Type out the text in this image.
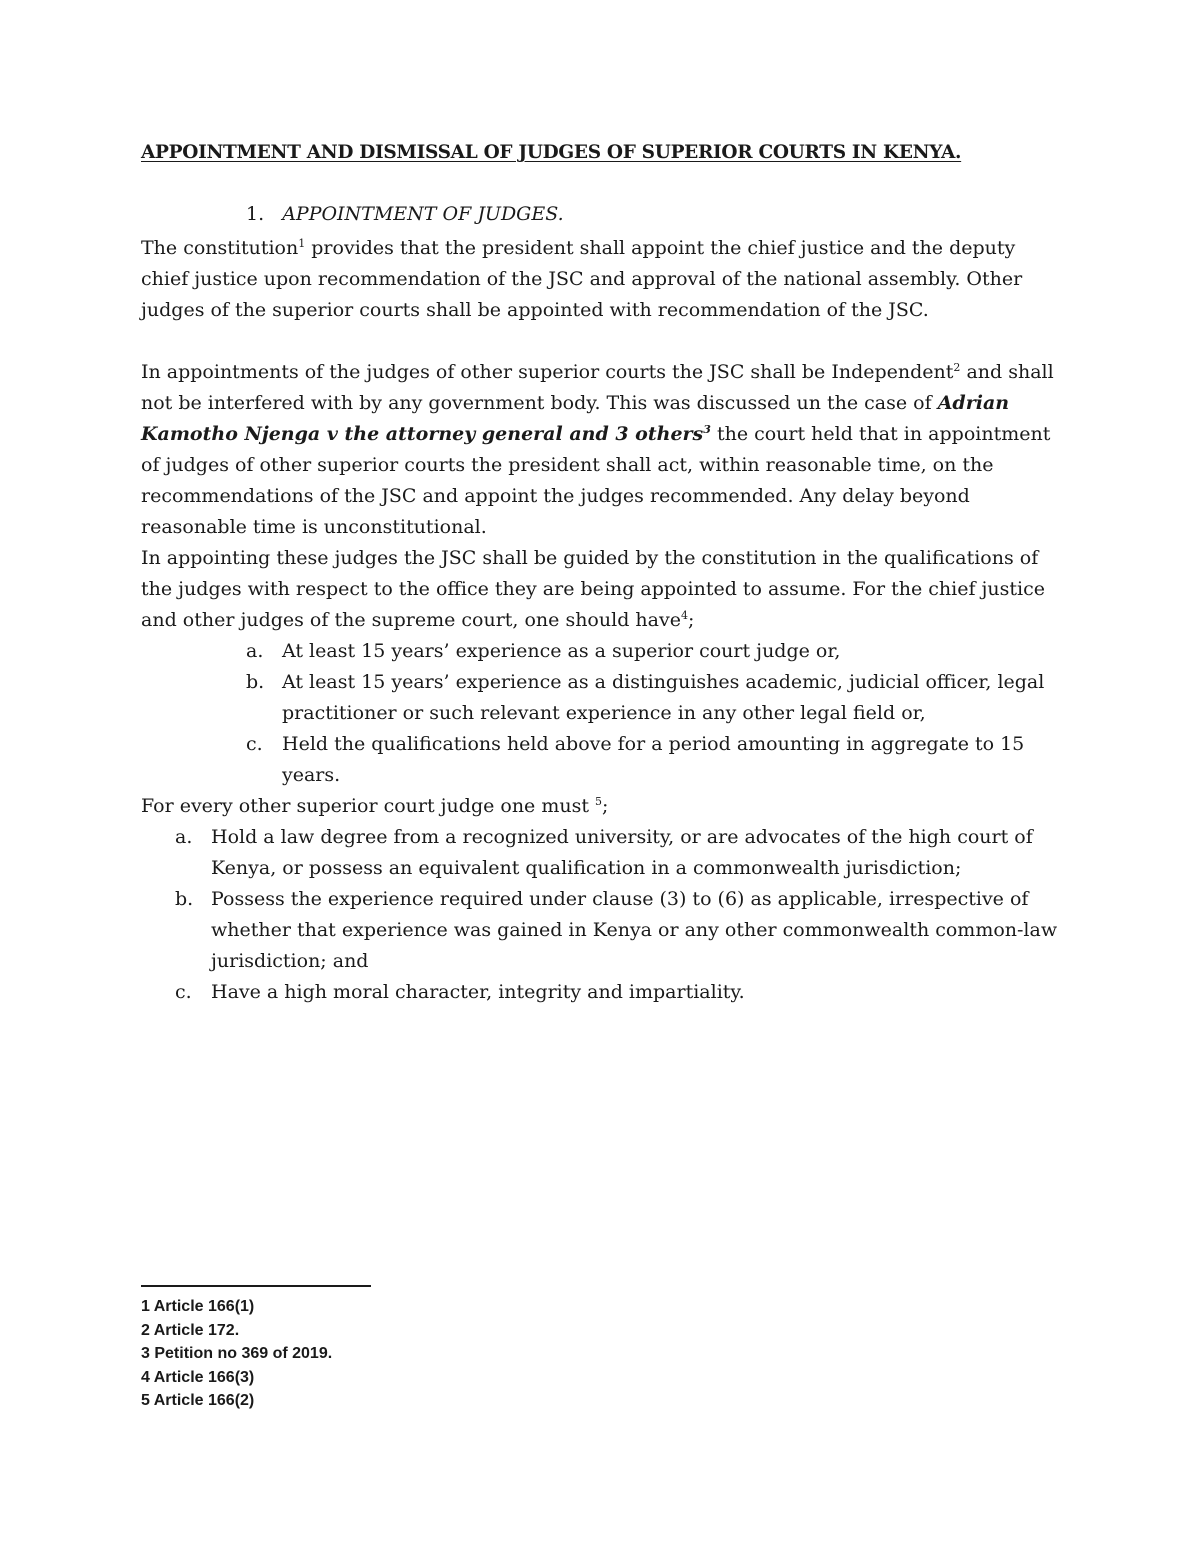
APPOINTMENT AND DISMISSAL OF JUDGES OF SUPERIOR COURTS IN KENYA.
1. APPOINTMENT OF JUDGES.

The constitution$^1$ provides that the president shall appoint the chief justice and the deputy chief justice upon recommendation of the JSC and approval of the national assembly. Other judges of the superior courts shall be appointed with recommendation of the JSC.

In appointments of the judges of other superior courts the JSC shall be Independent$^2$ and shall not be interfered with by any government body. This was discussed un the case of Adrian Kamotho Njenga v the attorney general and 3 others$^3$ the court held that in appointment of judges of other superior courts the president shall act, within reasonable time, on the recommendations of the JSC and appoint the judges recommended. Any delay beyond reasonable time is unconstitutional.

In appointing these judges the JSC shall be guided by the constitution in the qualifications of the judges with respect to the office they are being appointed to assume. For the chief justice and other judges of the supreme court, one should have$^4$;

a. At least 15 years’ experience as a superior court judge or,
b. At least 15 years’ experience as a distinguishes academic, judicial officer, legal practitioner or such relevant experience in any other legal field or,
c. Held the qualifications held above for a period amounting in aggregate to 15 years.

For every other superior court judge one must $^5$;

a. Hold a law degree from a recognized university, or are advocates of the high court of Kenya, or possess an equivalent qualification in a commonwealth jurisdiction;
b. Possess the experience required under clause (3) to (6) as applicable, irrespective of whether that experience was gained in Kenya or any other commonwealth common-law jurisdiction; and
c. Have a high moral character, integrity and impartiality.
1 Article 166(1)
2 Article 172.
3 Petition no 369 of 2019.
4 Article 166(3)
5 Article 166(2)
